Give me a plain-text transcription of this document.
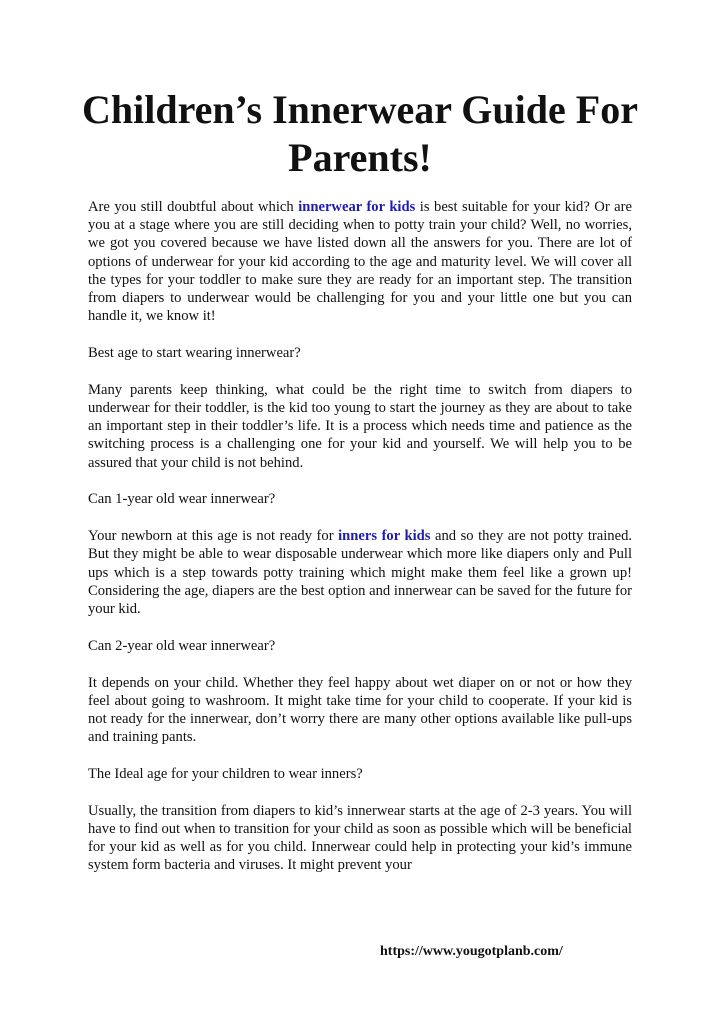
Children’s Innerwear Guide For Parents!

Are you still doubtful about which innerwear for kids is best suitable for your kid? Or are you at a stage where you are still deciding when to potty train your child? Well, no worries, we got you covered because we have listed down all the answers for you. There are lot of options of underwear for your kid according to the age and maturity level. We will cover all the types for your toddler to make sure they are ready for an important step. The transition from diapers to underwear would be challenging for you and your little one but you can handle it, we know it!

Best age to start wearing innerwear?

Many parents keep thinking, what could be the right time to switch from diapers to underwear for their toddler, is the kid too young to start the journey as they are about to take an important step in their toddler’s life. It is a process which needs time and patience as the switching process is a challenging one for your kid and yourself. We will help you to be assured that your child is not behind.

Can 1-year old wear innerwear?

Your newborn at this age is not ready for inners for kids and so they are not potty trained. But they might be able to wear disposable underwear which more like diapers only and Pull ups which is a step towards potty training which might make them feel like a grown up! Considering the age, diapers are the best option and innerwear can be saved for the future for your kid.

Can 2-year old wear innerwear?

It depends on your child. Whether they feel happy about wet diaper on or not or how they feel about going to washroom. It might take time for your child to cooperate. If your kid is not ready for the innerwear, don’t worry there are many other options available like pull-ups and training pants.

The Ideal age for your children to wear inners?

Usually, the transition from diapers to kid’s innerwear starts at the age of 2-3 years. You will have to find out when to transition for your child as soon as possible which will be beneficial for your kid as well as for you child. Innerwear could help in protecting your kid’s immune system form bacteria and viruses. It might prevent your

https://www.yougotplanb.com/
